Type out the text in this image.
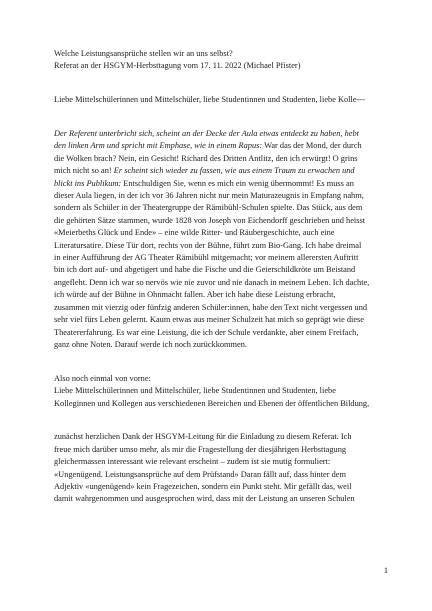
Welche Leistungsansprüche stellen wir an uns selbst?
Referat an der HSGYM-Herbsttagung vom 17. 11. 2022 (Michael Pfister)
Liebe Mittelschülerinnen und Mittelschüler, liebe Studentinnen und Studenten, liebe Kolle---
Der Referent unterbricht sich, scheint an der Decke der Aula etwas entdeckt zu haben, hebt
den linken Arm und spricht mit Emphase, wie in einem Rapus: War das der Mond, der durch
die Wolken brach? Nein, ein Gesicht! Richard des Dritten Antlitz, den ich erwürgt! O grins
mich nicht so an! Er scheint sich wieder zu fassen, wie aus einem Traum zu erwachen und
blickt ins Publikum: Entschuldigen Sie, wenn es mich ein wenig übermommt! Es muss an
dieser Aula liegen, in der ich vor 36 Jahren nicht nur mein Maturazeugnis in Empfang nahm,
sondern als Schüler in der Theatergruppe der Rämibühl-Schulen spielte. Das Stück, aus dem
die gehörten Sätze stammen, wurde 1828 von Joseph von Eichendorff geschrieben und heisst
«Meierbeths Glück und Ende» – eine wilde Ritter- und Räubergeschichte, auch eine
Literatursatire. Diese Tür dort, rechts von der Bühne, führt zum Bio-Gang. Ich habe dreimal
in einer Aufführung der AG Theater Rämibühl mitgemacht; vor meinem allerersten Auftritt
bin ich dort auf- und abgetigert und habe die Fische und die Geierschildkröte um Beistand
angefleht. Denn ich war so nervös wie nie zuvor und nie danach in meinem Leben. Ich dachte,
ich würde auf der Bühne in Ohnmacht fallen. Aber ich habe diese Leistung erbracht,
zusammen mit vierzig oder fünfzig anderen Schüler:innen, habe den Text nicht vergessen und
sehr viel fürs Leben gelernt. Kaum etwas aus meiner Schulzeit hat mich so geprägt wie diese
Theatererfahrung. Es war eine Leistung, die ich der Schule verdankte, aber einem Freifach,
ganz ohne Noten. Darauf werde ich noch zurückkommen.
Also noch einmal von vorne:
Liebe Mittelschülerinnen und Mittelschüler, liebe Studentinnen und Studenten, liebe
Kolleginnen und Kollegen aus verschiedenen Bereichen und Ebenen der öffentlichen Bildung,
zunächst herzlichen Dank der HSGYM-Leitung für die Einladung zu diesem Referat. Ich
freue mich darüber umso mehr, als mir die Fragestellung der diesjährigen Herbsttagung
gleichermassen interessant wie relevant erscheint – zudem ist sie mutig formuliert:
«Ungenügend. Leistungsansprüche auf dem Prüfstand» Daran fällt auf, dass hinter dem
Adjektiv «ungenügend» kein Fragezeichen, sondern ein Punkt steht. Mir gefällt das, weil
damit wahrgenommen und ausgesprochen wird, dass mit der Leistung an unseren Schulen
1
